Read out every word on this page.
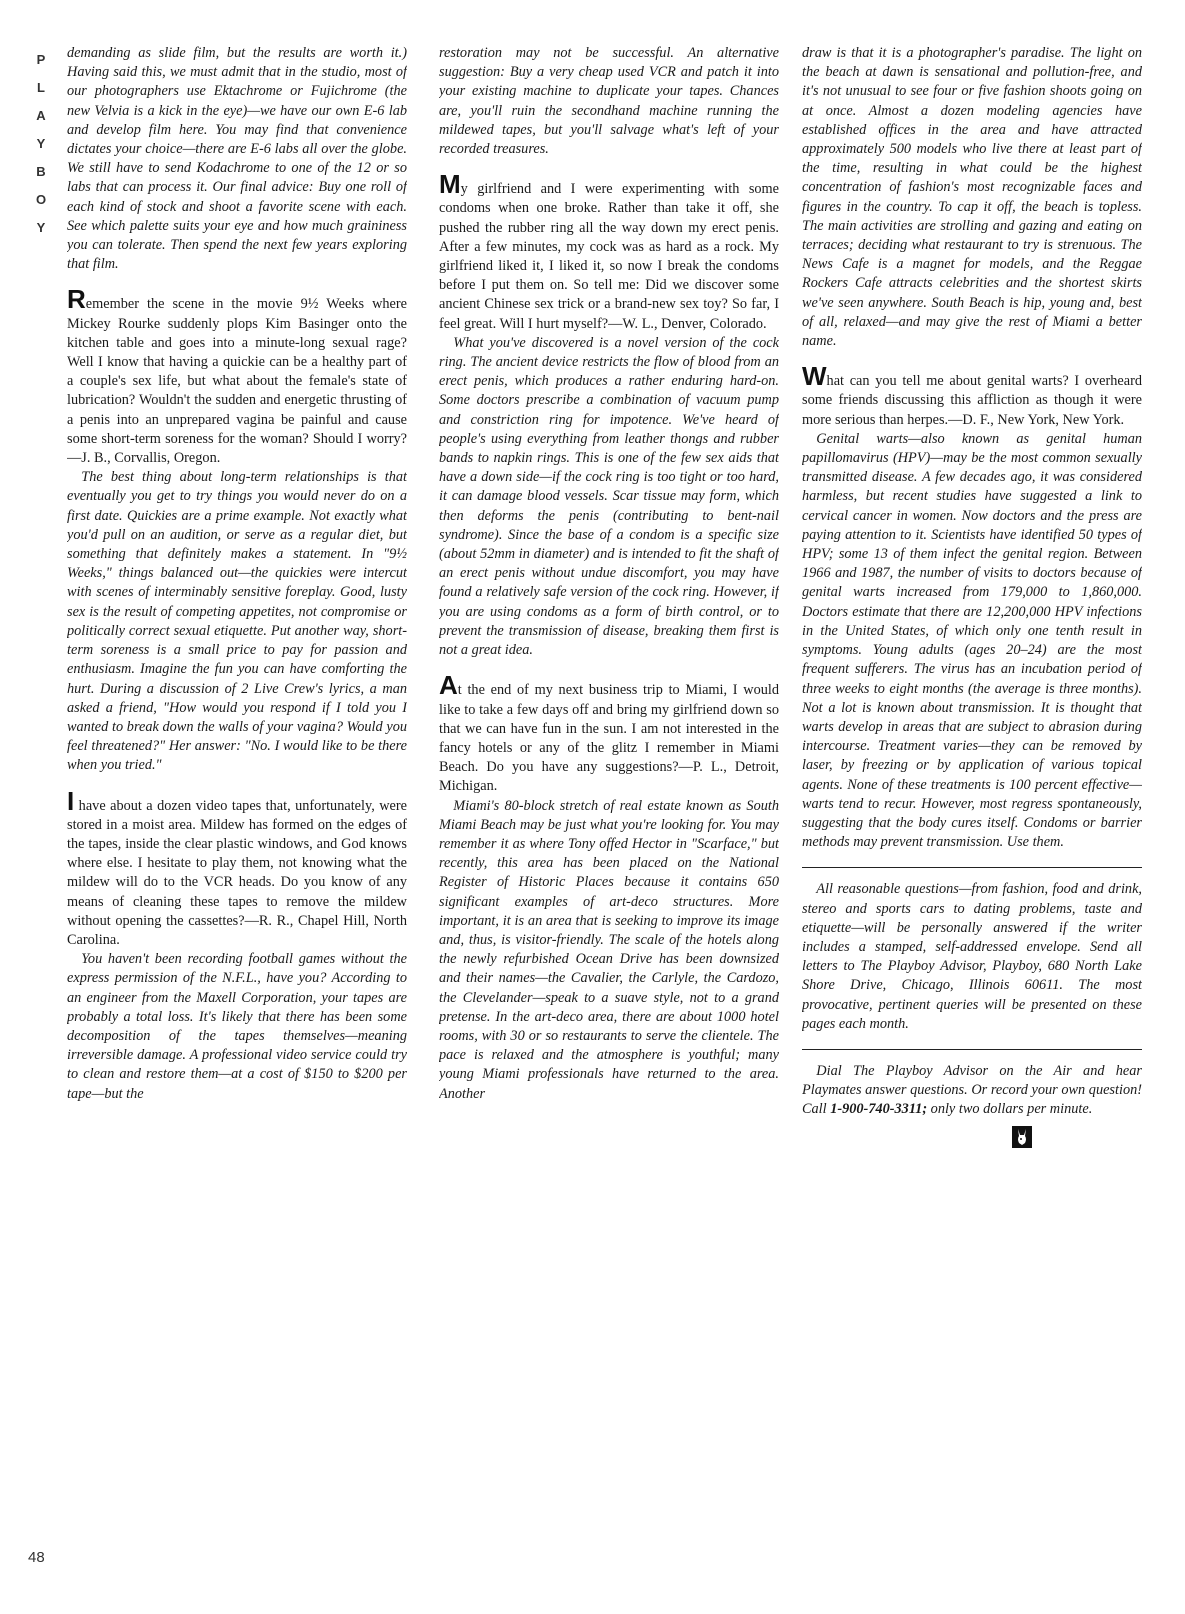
P
L
A
Y
B
O
Y
48

demanding as slide film, but the results are worth it.) Having said this, we must admit that in the studio, most of our photographers use Ektachrome or Fujichrome (the new Velvia is a kick in the eye)—we have our own E-6 lab and develop film here. You may find that convenience dictates your choice—there are E-6 labs all over the globe. We still have to send Kodachrome to one of the 12 or so labs that can process it. Our final advice: Buy one roll of each kind of stock and shoot a favorite scene with each. See which palette suits your eye and how much graininess you can tolerate. Then spend the next few years exploring that film.

Remember the scene in the movie 9½ Weeks where Mickey Rourke suddenly plops Kim Basinger onto the kitchen table and goes into a minute-long sexual rage? Well I know that having a quickie can be a healthy part of a couple's sex life, but what about the female's state of lubrication? Wouldn't the sudden and energetic thrusting of a penis into an unprepared vagina be painful and cause some short-term soreness for the woman? Should I worry?—J. B., Corvallis, Oregon.

The best thing about long-term relationships is that eventually you get to try things you would never do on a first date. Quickies are a prime example. Not exactly what you'd pull on an audition, or serve as a regular diet, but something that definitely makes a statement. In "9½ Weeks," things balanced out—the quickies were intercut with scenes of interminably sensitive foreplay. Good, lusty sex is the result of competing appetites, not compromise or politically correct sexual etiquette. Put another way, short-term soreness is a small price to pay for passion and enthusiasm. Imagine the fun you can have comforting the hurt. During a discussion of 2 Live Crew's lyrics, a man asked a friend, "How would you respond if I told you I wanted to break down the walls of your vagina? Would you feel threatened?" Her answer: "No. I would like to be there when you tried."

I have about a dozen video tapes that, unfortunately, were stored in a moist area. Mildew has formed on the edges of the tapes, inside the clear plastic windows, and God knows where else. I hesitate to play them, not knowing what the mildew will do to the VCR heads. Do you know of any means of cleaning these tapes to remove the mildew without opening the cassettes?—R. R., Chapel Hill, North Carolina.

You haven't been recording football games without the express permission of the N.F.L., have you? According to an engineer from the Maxell Corporation, your tapes are probably a total loss. It's likely that there has been some decomposition of the tapes themselves—meaning irreversible damage. A professional video service could try to clean and restore them—at a cost of $150 to $200 per tape—but the

restoration may not be successful. An alternative suggestion: Buy a very cheap used VCR and patch it into your existing machine to duplicate your tapes. Chances are, you'll ruin the secondhand machine running the mildewed tapes, but you'll salvage what's left of your recorded treasures.

My girlfriend and I were experimenting with some condoms when one broke. Rather than take it off, she pushed the rubber ring all the way down my erect penis. After a few minutes, my cock was as hard as a rock. My girlfriend liked it, I liked it, so now I break the condoms before I put them on. So tell me: Did we discover some ancient Chinese sex trick or a brand-new sex toy? So far, I feel great. Will I hurt myself?—W. L., Denver, Colorado.

What you've discovered is a novel version of the cock ring. The ancient device restricts the flow of blood from an erect penis, which produces a rather enduring hard-on. Some doctors prescribe a combination of vacuum pump and constriction ring for impotence. We've heard of people's using everything from leather thongs and rubber bands to napkin rings. This is one of the few sex aids that have a down side—if the cock ring is too tight or too hard, it can damage blood vessels. Scar tissue may form, which then deforms the penis (contributing to bent-nail syndrome). Since the base of a condom is a specific size (about 52mm in diameter) and is intended to fit the shaft of an erect penis without undue discomfort, you may have found a relatively safe version of the cock ring. However, if you are using condoms as a form of birth control, or to prevent the transmission of disease, breaking them first is not a great idea.

At the end of my next business trip to Miami, I would like to take a few days off and bring my girlfriend down so that we can have fun in the sun. I am not interested in the fancy hotels or any of the glitz I remember in Miami Beach. Do you have any suggestions?—P. L., Detroit, Michigan.

Miami's 80-block stretch of real estate known as South Miami Beach may be just what you're looking for. You may remember it as where Tony offed Hector in "Scarface," but recently, this area has been placed on the National Register of Historic Places because it contains 650 significant examples of art-deco structures. More important, it is an area that is seeking to improve its image and, thus, is visitor-friendly. The scale of the hotels along the newly refurbished Ocean Drive has been downsized and their names—the Cavalier, the Carlyle, the Cardozo, the Clevelander—speak to a suave style, not to a grand pretense. In the art-deco area, there are about 1000 hotel rooms, with 30 or so restaurants to serve the clientele. The pace is relaxed and the atmosphere is youthful; many young Miami professionals have returned to the area. Another

draw is that it is a photographer's paradise. The light on the beach at dawn is sensational and pollution-free, and it's not unusual to see four or five fashion shoots going on at once. Almost a dozen modeling agencies have established offices in the area and have attracted approximately 500 models who live there at least part of the time, resulting in what could be the highest concentration of fashion's most recognizable faces and figures in the country. To cap it off, the beach is topless. The main activities are strolling and gazing and eating on terraces; deciding what restaurant to try is strenuous. The News Cafe is a magnet for models, and the Reggae Rockers Cafe attracts celebrities and the shortest skirts we've seen anywhere. South Beach is hip, young and, best of all, relaxed—and may give the rest of Miami a better name.

What can you tell me about genital warts? I overheard some friends discussing this affliction as though it were more serious than herpes.—D. F., New York, New York.

Genital warts—also known as genital human papillomavirus (HPV)—may be the most common sexually transmitted disease. A few decades ago, it was considered harmless, but recent studies have suggested a link to cervical cancer in women. Now doctors and the press are paying attention to it. Scientists have identified 50 types of HPV; some 13 of them infect the genital region. Between 1966 and 1987, the number of visits to doctors because of genital warts increased from 179,000 to 1,860,000. Doctors estimate that there are 12,200,000 HPV infections in the United States, of which only one tenth result in symptoms. Young adults (ages 20–24) are the most frequent sufferers. The virus has an incubation period of three weeks to eight months (the average is three months). Not a lot is known about transmission. It is thought that warts develop in areas that are subject to abrasion during intercourse. Treatment varies—they can be removed by laser, by freezing or by application of various topical agents. None of these treatments is 100 percent effective—warts tend to recur. However, most regress spontaneously, suggesting that the body cures itself. Condoms or barrier methods may prevent transmission. Use them.

All reasonable questions—from fashion, food and drink, stereo and sports cars to dating problems, taste and etiquette—will be personally answered if the writer includes a stamped, self-addressed envelope. Send all letters to The Playboy Advisor, Playboy, 680 North Lake Shore Drive, Chicago, Illinois 60611. The most provocative, pertinent queries will be presented on these pages each month.

Dial The Playboy Advisor on the Air and hear Playmates answer questions. Or record your own question! Call 1-900-740-3311; only two dollars per minute.
